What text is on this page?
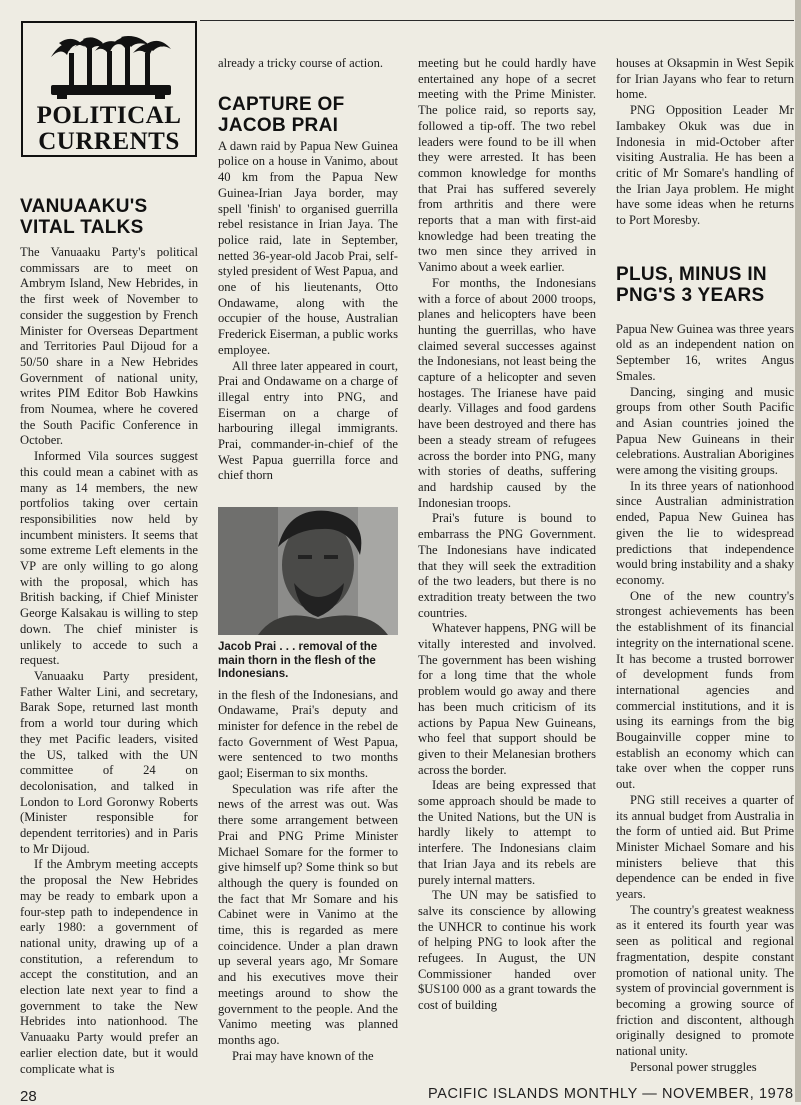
POLITICAL
CURRENTS
VANUAAKU'S VITAL TALKS

The Vanuaaku Party's political commissars are to meet on Ambrym Island, New Hebrides, in the first week of November to consider the suggestion by French Minister for Overseas Department and Territories Paul Dijoud for a 50/50 share in a New Hebrides Government of national unity, writes PIM Editor Bob Hawkins from Noumea, where he covered the South Pacific Conference in October.

Informed Vila sources suggest this could mean a cabinet with as many as 14 members, the new portfolios taking over certain responsibilities now held by incumbent ministers. It seems that some extreme Left elements in the VP are only willing to go along with the proposal, which has British backing, if Chief Minister George Kalsakau is willing to step down. The chief minister is unlikely to accede to such a request.

Vanuaaku Party president, Father Walter Lini, and secretary, Barak Sope, returned last month from a world tour during which they met Pacific leaders, visited the US, talked with the UN committee of 24 on decolonisation, and talked in London to Lord Goronwy Roberts (Minister responsible for dependent territories) and in Paris to Mr Dijoud.

If the Ambrym meeting accepts the proposal the New Hebrides may be ready to embark upon a four-step path to independence in early 1980: a government of national unity, drawing up of a constitution, a referendum to accept the constitution, and an election late next year to find a government to take the New Hebrides into nationhood. The Vanuaaku Party would prefer an earlier election date, but it would complicate what is

already a tricky course of action.

CAPTURE OF JACOB PRAI

A dawn raid by Papua New Guinea police on a house in Vanimo, about 40 km from the Papua New Guinea-Irian Jaya border, may spell 'finish' to organised guerrilla rebel resistance in Irian Jaya. The police raid, late in September, netted 36-year-old Jacob Prai, self-styled president of West Papua, and one of his lieutenants, Otto Ondawame, along with the occupier of the house, Australian Frederick Eiserman, a public works employee.

All three later appeared in court, Prai and Ondawame on a charge of illegal entry into PNG, and Eiserman on a charge of harbouring illegal immigrants. Prai, commander-in-chief of the West Papua guerrilla force and chief thorn

Jacob Prai . . . removal of the main thorn in the flesh of the Indonesians.

in the flesh of the Indonesians, and Ondawame, Prai's deputy and minister for defence in the rebel de facto Government of West Papua, were sentenced to two months gaol; Eiserman to six months.

Speculation was rife after the news of the arrest was out. Was there some arrangement between Prai and PNG Prime Minister Michael Somare for the former to give himself up? Some think so but although the query is founded on the fact that Mr Somare and his Cabinet were in Vanimo at the time, this is regarded as mere coincidence. Under a plan drawn up several years ago, Mr Somare and his executives move their meetings around to show the government to the people. And the Vanimo meeting was planned months ago.

Prai may have known of the

meeting but he could hardly have entertained any hope of a secret meeting with the Prime Minister. The police raid, so reports say, followed a tip-off. The two rebel leaders were found to be ill when they were arrested. It has been common knowledge for months that Prai has suffered severely from arthritis and there were reports that a man with first-aid knowledge had been treating the two men since they arrived in Vanimo about a week earlier.

For months, the Indonesians with a force of about 2000 troops, planes and helicopters have been hunting the guerrillas, who have claimed several successes against the Indonesians, not least being the capture of a helicopter and seven hostages. The Irianese have paid dearly. Villages and food gardens have been destroyed and there has been a steady stream of refugees across the border into PNG, many with stories of deaths, suffering and hardship caused by the Indonesian troops.

Prai's future is bound to embarrass the PNG Government. The Indonesians have indicated that they will seek the extradition of the two leaders, but there is no extradition treaty between the two countries.

Whatever happens, PNG will be vitally interested and involved. The government has been wishing for a long time that the whole problem would go away and there has been much criticism of its actions by Papua New Guineans, who feel that support should be given to their Melanesian brothers across the border.

Ideas are being expressed that some approach should be made to the United Nations, but the UN is hardly likely to attempt to interfere. The Indonesians claim that Irian Jaya and its rebels are purely internal matters.

The UN may be satisfied to salve its conscience by allowing the UNHCR to continue his work of helping PNG to look after the refugees. In August, the UN Commissioner handed over $US100 000 as a grant towards the cost of building

houses at Oksapmin in West Sepik for Irian Jayans who fear to return home.

PNG Opposition Leader Mr Iambakey Okuk was due in Indonesia in mid-October after visiting Australia. He has been a critic of Mr Somare's handling of the Irian Jaya problem. He might have some ideas when he returns to Port Moresby.

PLUS, MINUS IN PNG'S 3 YEARS

Papua New Guinea was three years old as an independent nation on September 16, writes Angus Smales.

Dancing, singing and music groups from other South Pacific and Asian countries joined the Papua New Guineans in their celebrations. Australian Aborigines were among the visiting groups.

In its three years of nationhood since Australian administration ended, Papua New Guinea has given the lie to widespread predictions that independence would bring instability and a shaky economy.

One of the new country's strongest achievements has been the establishment of its financial integrity on the international scene. It has become a trusted borrower of development funds from international agencies and commercial institutions, and it is using its earnings from the big Bougainville copper mine to establish an economy which can take over when the copper runs out.

PNG still receives a quarter of its annual budget from Australia in the form of untied aid. But Prime Minister Michael Somare and his ministers believe that this dependence can be ended in five years.

The country's greatest weakness as it entered its fourth year was seen as political and regional fragmentation, despite constant promotion of national unity. The system of provincial government is becoming a growing source of friction and discontent, although originally designed to promote national unity.

Personal power struggles

28	PACIFIC ISLANDS MONTHLY — NOVEMBER, 1978
